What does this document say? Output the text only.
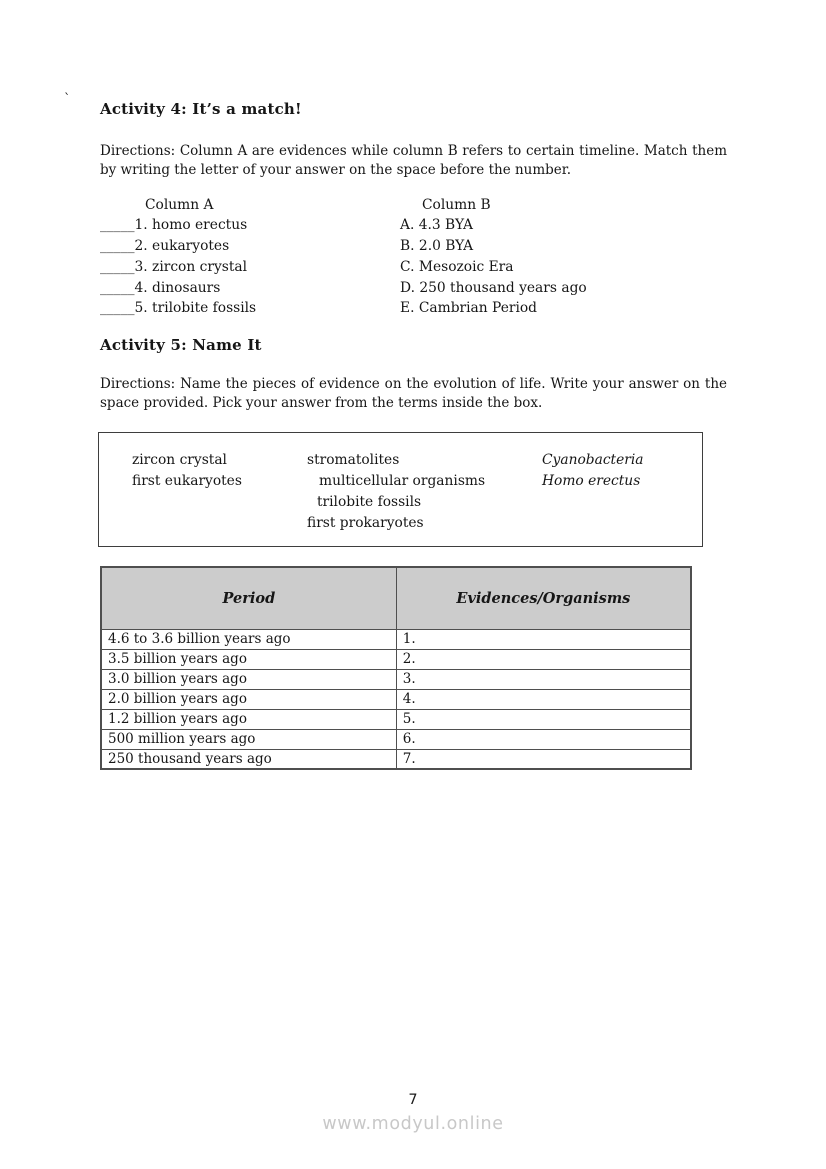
`
Activity 4: It’s a match!

Directions: Column A are evidences while column B refers to certain timeline. Match them by writing the letter of your answer on the space before the number.

Column A
_____1. homo erectus
_____2. eukaryotes
_____3. zircon crystal
_____4. dinosaurs
_____5. trilobite fossils
Column B
A. 4.3 BYA
B. 2.0 BYA
C. Mesozoic Era
D. 250 thousand years ago
E. Cambrian Period
Activity 5: Name It

Directions: Name the pieces of evidence on the evolution of life. Write your answer on the space provided. Pick your answer from the terms inside the box.

zircon crystal
first eukaryotes
stromatolites
multicellular organisms
trilobite fossils
first prokaryotes
Cyanobacteria
Homo erectus
Period	Evidences/Organisms
4.6 to 3.6 billion years ago	1.
3.5 billion years ago	2.
3.0 billion years ago	3.
2.0 billion years ago	4.
1.2 billion years ago	5.
500 million years ago	6.
250 thousand years ago	7.
7
www.modyul.online
